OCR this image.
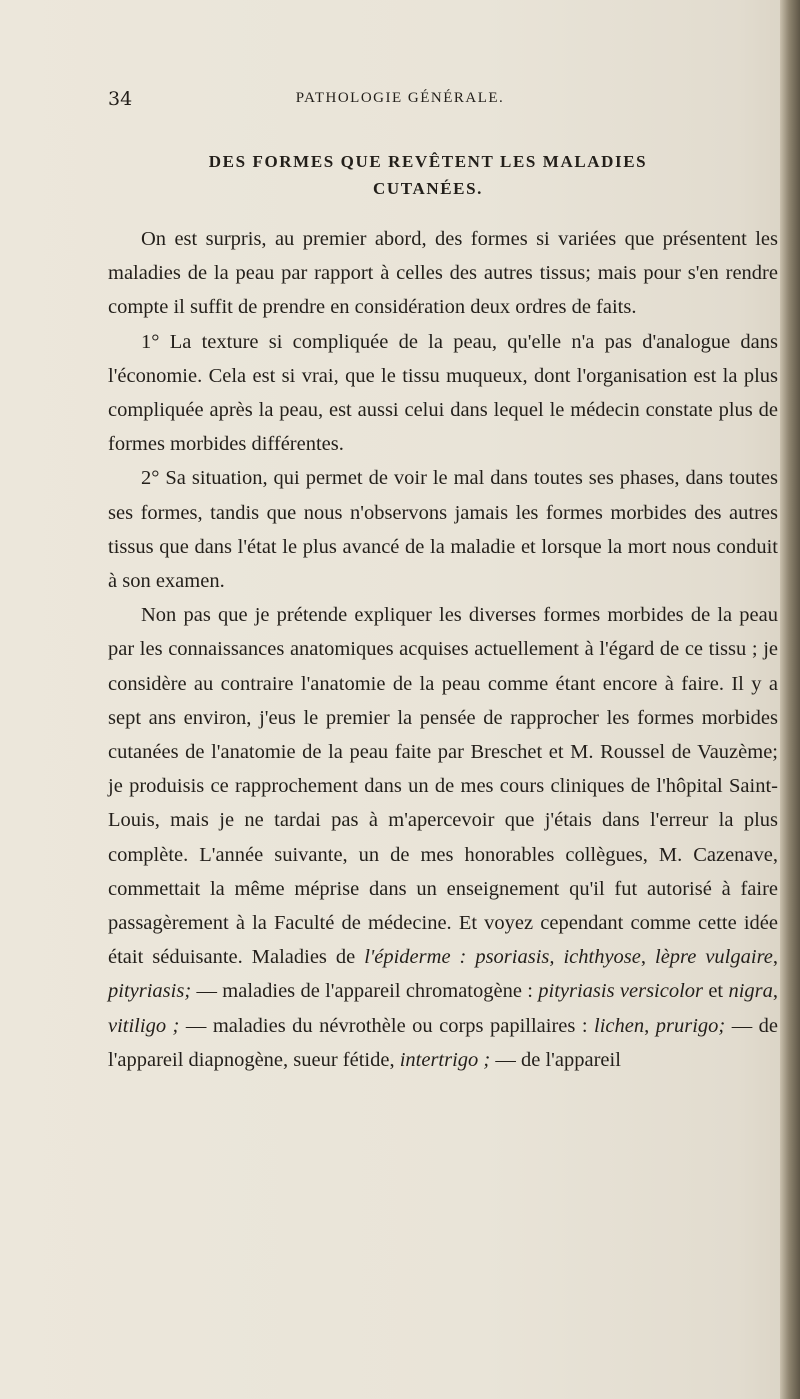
34	PATHOLOGIE GÉNÉRALE.
DES FORMES QUE REVÊTENT LES MALADIES
CUTANÉES.

On est surpris, au premier abord, des formes si variées que présentent les maladies de la peau par rapport à celles des autres tissus; mais pour s'en rendre compte il suffit de prendre en considération deux ordres de faits.

1° La texture si compliquée de la peau, qu'elle n'a pas d'analogue dans l'économie. Cela est si vrai, que le tissu muqueux, dont l'organisation est la plus compliquée après la peau, est aussi celui dans lequel le médecin constate plus de formes morbides différentes.

2° Sa situation, qui permet de voir le mal dans toutes ses phases, dans toutes ses formes, tandis que nous n'observons jamais les formes morbides des autres tissus que dans l'état le plus avancé de la maladie et lorsque la mort nous conduit à son examen.

Non pas que je prétende expliquer les diverses formes morbides de la peau par les connaissances anatomiques acquises actuellement à l'égard de ce tissu ; je considère au contraire l'anatomie de la peau comme étant encore à faire. Il y a sept ans environ, j'eus le premier la pensée de rapprocher les formes morbides cutanées de l'anatomie de la peau faite par Breschet et M. Roussel de Vauzème; je produisis ce rapprochement dans un de mes cours cliniques de l'hôpital Saint-Louis, mais je ne tardai pas à m'apercevoir que j'étais dans l'erreur la plus complète. L'année suivante, un de mes honorables collègues, M. Cazenave, commettait la même méprise dans un enseignement qu'il fut autorisé à faire passagèrement à la Faculté de médecine. Et voyez cependant comme cette idée était séduisante. Maladies de l'épiderme : psoriasis, ichthyose, lèpre vulgaire, pityriasis; — maladies de l'appareil chromatogène : pityriasis versicolor et nigra, vitiligo ; — maladies du névrothèle ou corps papillaires : lichen, prurigo; — de l'appareil diapnogène, sueur fétide, intertrigo ; — de l'appareil
